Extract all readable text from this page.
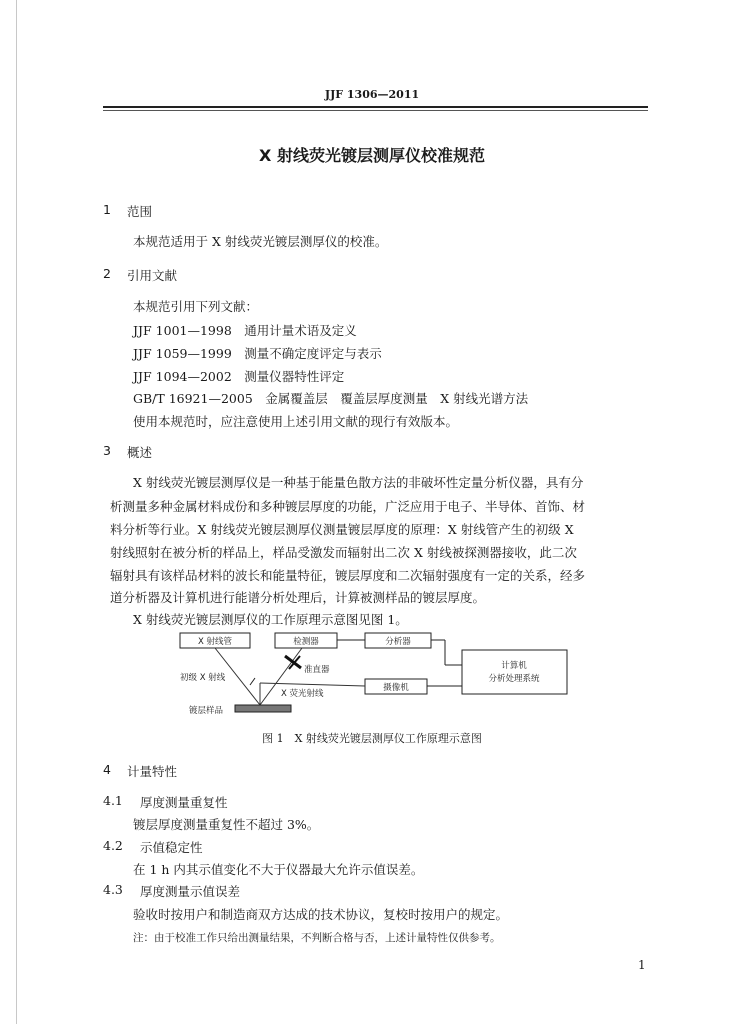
JJF 1306—2011
X 射线荧光镀层测厚仪校准规范
1 范围
本规范适用于 X 射线荧光镀层测厚仪的校准。
2 引用文献
本规范引用下列文献：
JJF 1001—1998　通用计量术语及定义
JJF 1059—1999　测量不确定度评定与表示
JJF 1094—2002　测量仪器特性评定
GB/T 16921—2005　金属覆盖层　覆盖层厚度测量　X 射线光谱方法
使用本规范时，应注意使用上述引用文献的现行有效版本。
3 概述
X 射线荧光镀层测厚仪是一种基于能量色散方法的非破坏性定量分析仪器，具有分
析测量多种金属材料成份和多种镀层厚度的功能，广泛应用于电子、半导体、首饰、材
料分析等行业。X 射线荧光镀层测厚仪测量镀层厚度的原理：X 射线管产生的初级 X
射线照射在被分析的样品上，样品受激发而辐射出二次 X 射线被探测器接收，此二次
辐射具有该样品材料的波长和能量特征，镀层厚度和二次辐射强度有一定的关系，经多
道分析器及计算机进行能谱分析处理后，计算被测样品的镀层厚度。
X 射线荧光镀层测厚仪的工作原理示意图见图 1。
X 射线管	检测器	分析器
计算机
分析处理系统
摄像机
准直器
初级 X 射线
X 荧光射线
镀层样品
图 1　X 射线荧光镀层测厚仪工作原理示意图
4 计量特性
4.1 厚度测量重复性
镀层厚度测量重复性不超过 3%。
4.2 示值稳定性
在 1 h 内其示值变化不大于仪器最大允许示值误差。
4.3 厚度测量示值误差
验收时按用户和制造商双方达成的技术协议，复校时按用户的规定。
注：由于校准工作只给出测量结果，不判断合格与否，上述计量特性仅供参考。
1
